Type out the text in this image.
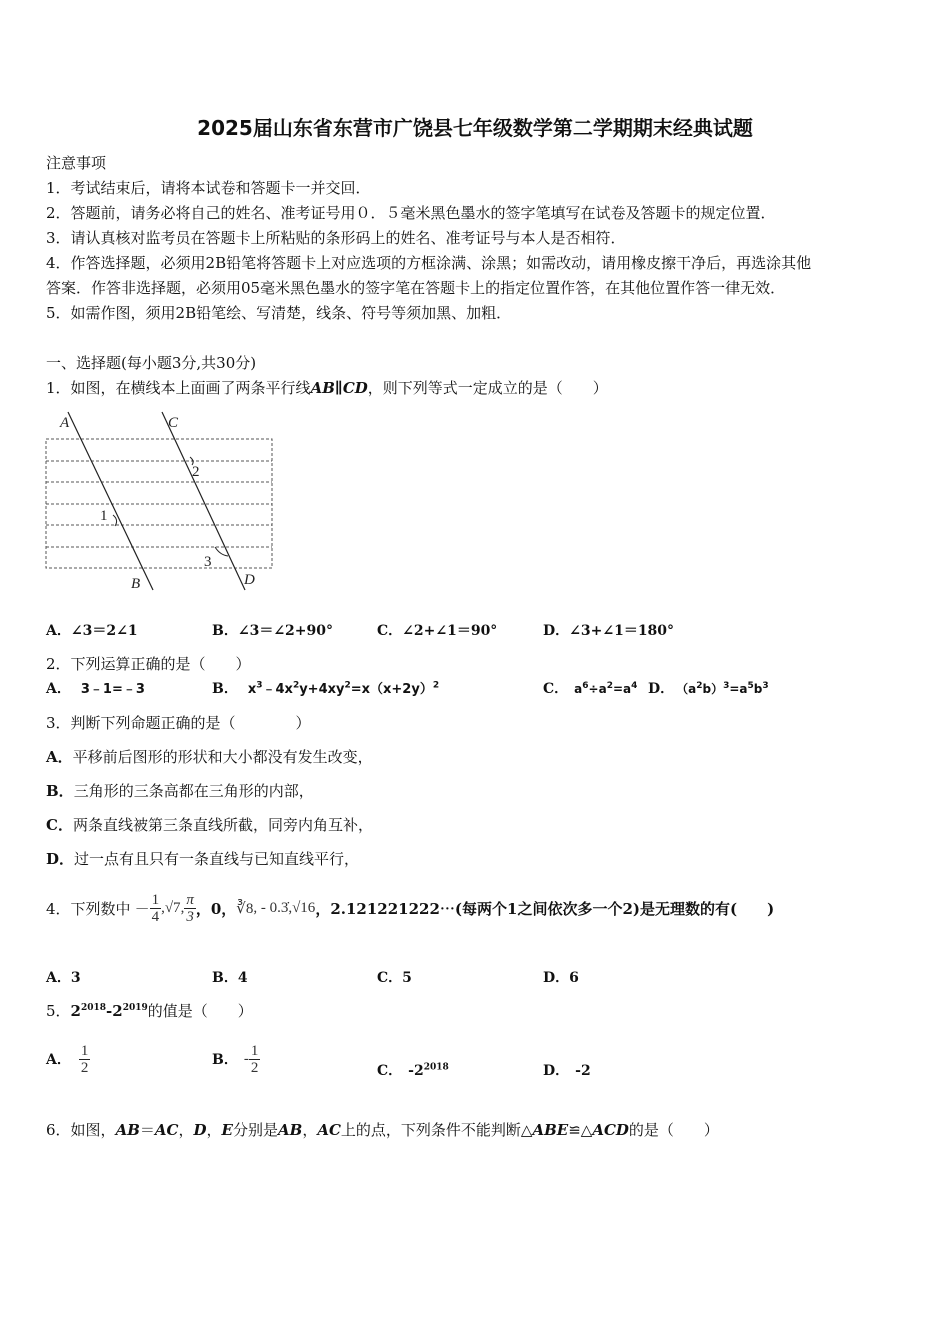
2025届山东省东营市广饶县七年级数学第二学期期末经典试题
注意事项
1．考试结束后，请将本试卷和答题卡一并交回．
2．答题前，请务必将自己的姓名、准考证号用０．５毫米黑色墨水的签字笔填写在试卷及答题卡的规定位置．
3．请认真核对监考员在答题卡上所粘贴的条形码上的姓名、准考证号与本人是否相符．
4．作答选择题，必须用2B铅笔将答题卡上对应选项的方框涂满、涂黑；如需改动，请用橡皮擦干净后，再选涂其他
答案．作答非选择题，必须用05毫米黑色墨水的签字笔在答题卡上的指定位置作答，在其他位置作答一律无效．
5．如需作图，须用2B铅笔绘、写清楚，线条、符号等须加黑、加粗．
一、选择题(每小题3分,共30分)
1．如图，在横线本上面画了两条平行线AB∥CD，则下列等式一定成立的是（　　）
A	C
B	D
2
1
3
A．∠3＝2∠1	B．∠3＝∠2+90°	C．∠2+∠1＝90°	D．∠3+∠1＝180°
2．下列运算正确的是（　　）
A． 3﹣1=﹣3	B． $x^3﹣4x^2y+4xy^2=x(x+2y)^2$	C． $a^6\div a^2=a^4$ D． $(a^2b)^3=a^5b^3$
3．判断下列命题正确的是（　　　　）
A．平移前后图形的形状和大小都没有发生改变，
B．三角形的三条高都在三角形的内部，
C．两条直线被第三条直线所截，同旁内角互补，
D．过一点有且只有一条直线与已知直线平行，
4． 下列数中 － $\frac{1}{4}$ , √7 , $\frac{\pi}{3}$ ，0， ∛8 , - 0.3̇, √16 ，2.121221222⋯(每两个1之间依次多一个2)是无理数的有(　　)
A．3	B．4	C．5	D．6
5．$2^{2018}-2^{2019}$的值是（　　）
A． $\frac{1}{2}$	B． - $\frac{1}{2}$	C． $-2^{2018}$	D． -2
6．如图，AB＝AC，D，E分别是AB，AC上的点，下列条件不能判断△ABE≌△ACD的是（　　）
